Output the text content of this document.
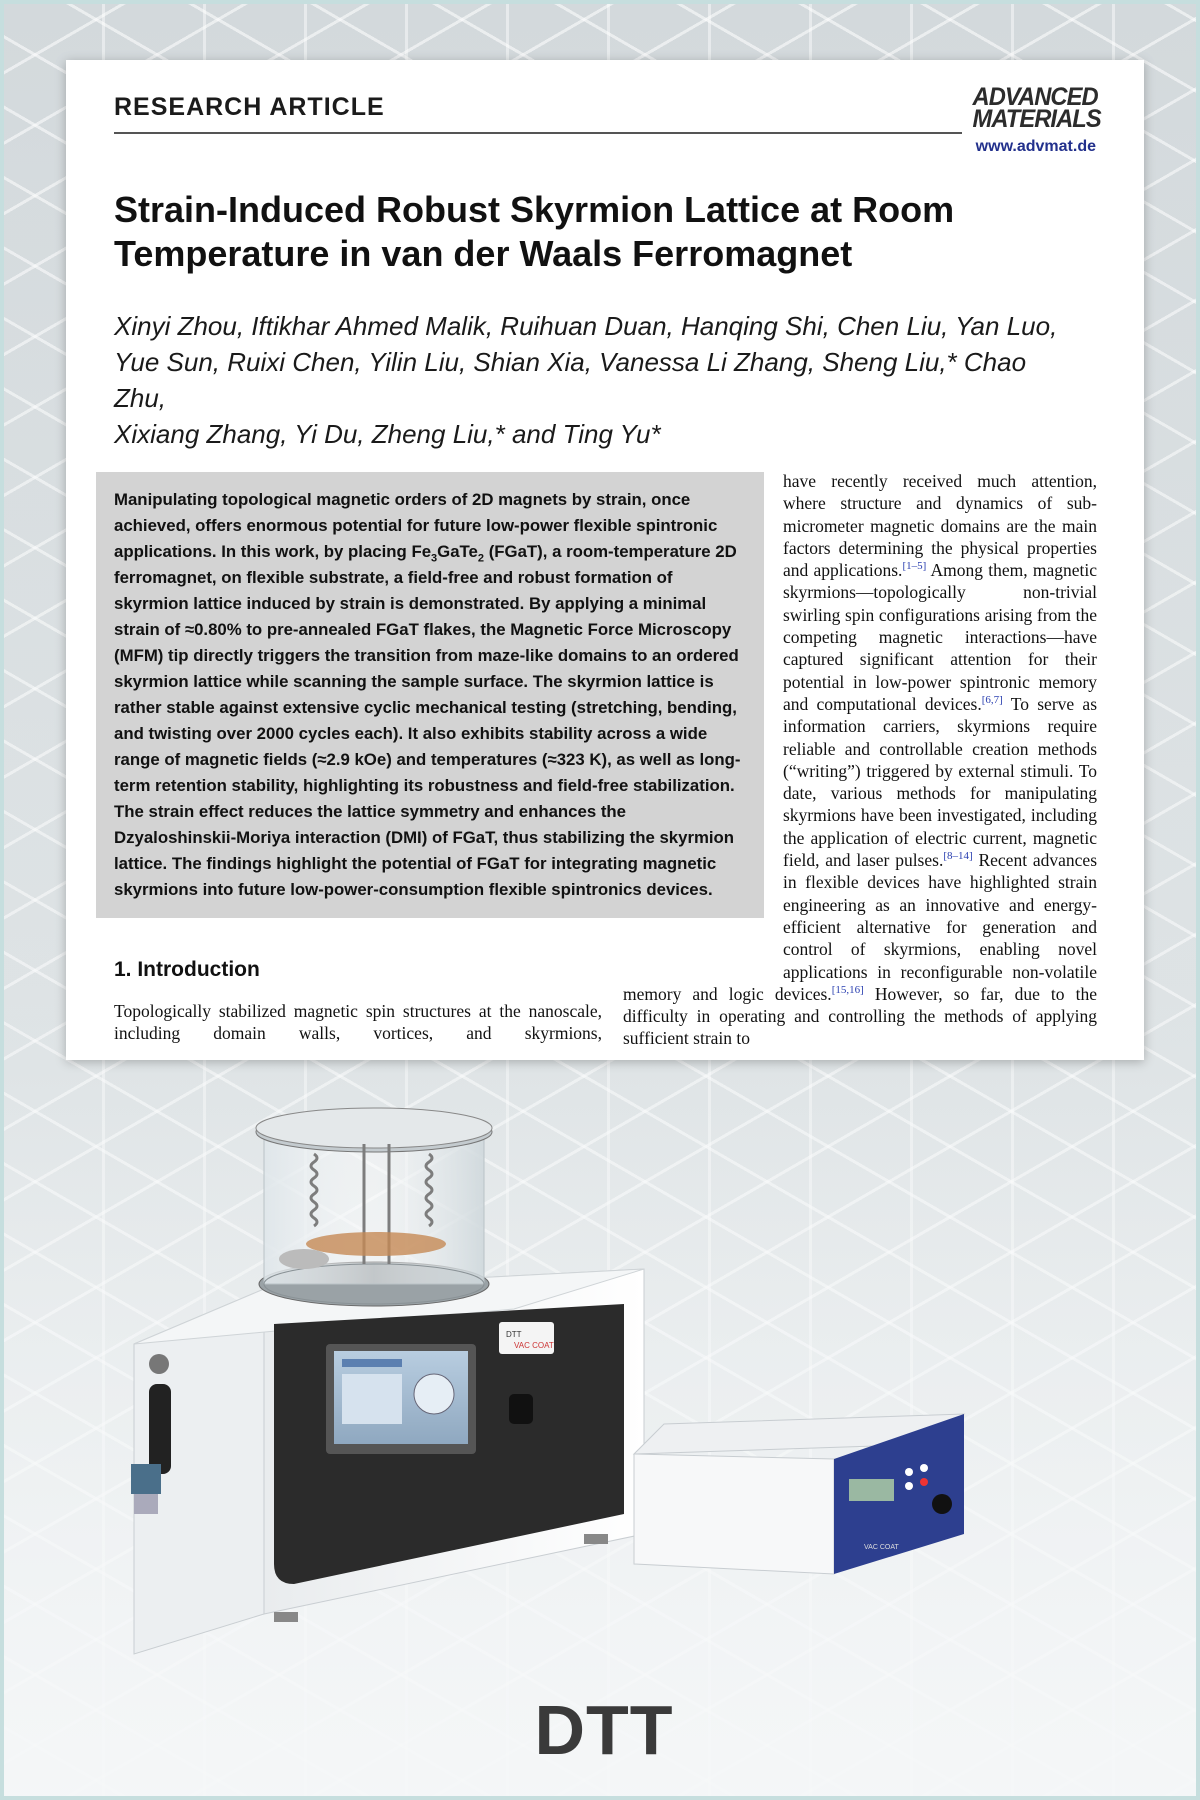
RESEARCH ARTICLE	ADVANCED
MATERIALS
www.advmat.de
Strain-Induced Robust Skyrmion Lattice at Room
Temperature in van der Waals Ferromagnet
Xinyi Zhou, Iftikhar Ahmed Malik, Ruihuan Duan, Hanqing Shi, Chen Liu, Yan Luo,
Yue Sun, Ruixi Chen, Yilin Liu, Shian Xia, Vanessa Li Zhang, Sheng Liu,* Chao Zhu,
Xixiang Zhang, Yi Du, Zheng Liu,* and Ting Yu*

Manipulating topological magnetic orders of 2D magnets by strain, once achieved, offers enormous potential for future low-power flexible spintronic applications. In this work, by placing $Fe_3GaTe_2$ (FGaT), a room-temperature 2D ferromagnet, on flexible substrate, a field-free and robust formation of skyrmion lattice induced by strain is demonstrated. By applying a minimal strain of ≈0.80% to pre-annealed FGaT flakes, the Magnetic Force Microscopy (MFM) tip directly triggers the transition from maze-like domains to an ordered skyrmion lattice while scanning the sample surface. The skyrmion lattice is rather stable against extensive cyclic mechanical testing (stretching, bending, and twisting over 2000 cycles each). It also exhibits stability across a wide range of magnetic fields (≈2.9 kOe) and temperatures (≈323 K), as well as long-term retention stability, highlighting its robustness and field-free stabilization. The strain effect reduces the lattice symmetry and enhances the Dzyaloshinskii-Moriya interaction (DMI) of FGaT, thus stabilizing the skyrmion lattice. The findings highlight the potential of FGaT for integrating magnetic skyrmions into future low-power-consumption flexible spintronics devices.

1. Introduction

Topologically stabilized magnetic spin structures at the nanoscale, including domain walls, vortices, and skyrmions,

have recently received much attention, where structure and dynamics of sub-micrometer magnetic domains are the main factors determining the physical properties and applications.[1–5] Among them, magnetic skyrmions—topologically non-trivial swirling spin configurations arising from the competing magnetic interactions—have captured significant attention for their potential in low-power spintronic memory and computational devices.[6,7] To serve as information carriers, skyrmions require reliable and controllable creation methods (“writing”) triggered by external stimuli. To date, various methods for manipulating skyrmions have been investigated, including the application of electric current, magnetic field, and laser pulses.[8–14] Recent advances in flexible devices have highlighted strain engineering as an innovative and energy-efficient alternative for generation and control of skyrmions, enabling novel applications in reconfigurable non-volatile memory and logic devices.[15,16] However, so far, due to the difficulty in operating and controlling the methods of applying sufficient strain to

DTT
VAC COAT
VAC COAT
DTT
